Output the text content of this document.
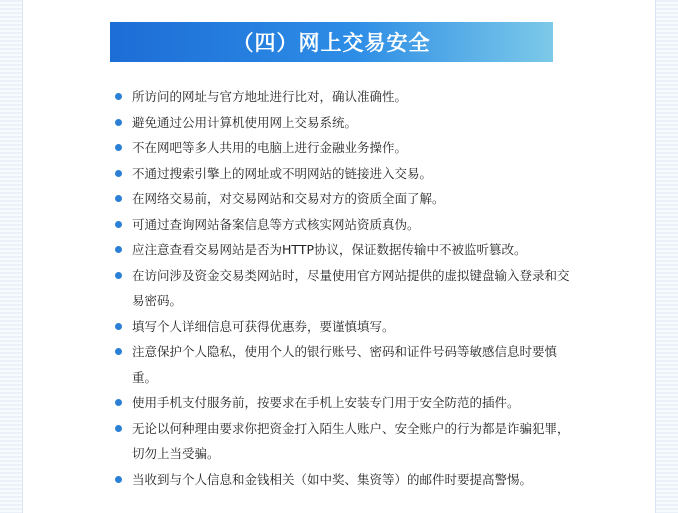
（四）网上交易安全
所访问的网址与官方地址进行比对，确认准确性。
避免通过公用计算机使用网上交易系统。
不在网吧等多人共用的电脑上进行金融业务操作。
不通过搜索引擎上的网址或不明网站的链接进入交易。
在网络交易前，对交易网站和交易对方的资质全面了解。
可通过查询网站备案信息等方式核实网站资质真伪。
应注意查看交易网站是否为HTTP协议，保证数据传输中不被监听篡改。
在访问涉及资金交易类网站时，尽量使用官方网站提供的虚拟键盘输入登录和交易密码。
填写个人详细信息可获得优惠券，要谨慎填写。
注意保护个人隐私，使用个人的银行账号、密码和证件号码等敏感信息时要慎重。
使用手机支付服务前，按要求在手机上安装专门用于安全防范的插件。
无论以何种理由要求你把资金打入陌生人账户、安全账户的行为都是诈骗犯罪，切勿上当受骗。
当收到与个人信息和金钱相关（如中奖、集资等）的邮件时要提高警惕。
